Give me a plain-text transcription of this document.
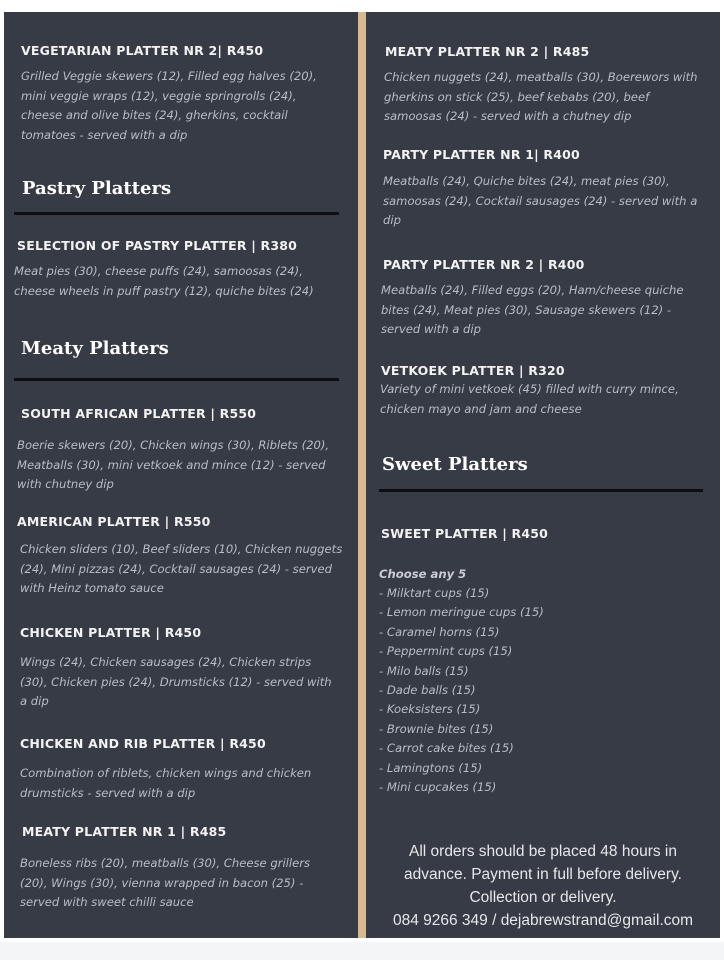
VEGETARIAN PLATTER NR 2| R450
Grilled Veggie skewers (12), Filled egg halves (20), mini veggie wraps (12), veggie springrolls (24), cheese and olive bites (24), gherkins, cocktail tomatoes - served with a dip
Pastry Platters
SELECTION OF PASTRY PLATTER | R380
Meat pies (30), cheese puffs (24), samoosas (24), cheese wheels in puff pastry (12), quiche bites (24)
Meaty Platters
SOUTH AFRICAN PLATTER | R550
Boerie skewers (20), Chicken wings (30), Riblets (20), Meatballs (30), mini vetkoek and mince (12) - served with chutney dip
AMERICAN PLATTER | R550
Chicken sliders (10), Beef sliders (10), Chicken nuggets (24), Mini pizzas (24), Cocktail sausages (24) - served with Heinz tomato sauce
CHICKEN PLATTER | R450
Wings (24), Chicken sausages (24), Chicken strips (30), Chicken pies (24), Drumsticks (12) - served with a dip
CHICKEN AND RIB PLATTER | R450
Combination of riblets, chicken wings and chicken drumsticks - served with a dip
MEATY PLATTER NR 1 | R485
Boneless ribs (20), meatballs (30), Cheese grillers (20), Wings (30), vienna wrapped in bacon (25) - served with sweet chilli sauce
MEATY PLATTER NR 2 | R485
Chicken nuggets (24), meatballs (30), Boerewors with gherkins on stick (25), beef kebabs (20), beef samoosas (24) - served with a chutney dip
PARTY PLATTER NR 1| R400
Meatballs (24), Quiche bites (24), meat pies (30), samoosas (24), Cocktail sausages (24) - served with a dip
PARTY PLATTER NR 2 | R400
Meatballs (24), Filled eggs (20), Ham/cheese quiche bites (24), Meat pies (30), Sausage skewers (12) - served with a dip
VETKOEK PLATTER | R320
Variety of mini vetkoek (45) filled with curry mince, chicken mayo and jam and cheese
Sweet Platters
SWEET PLATTER | R450
Choose any 5
- Milktart cups (15)
- Lemon meringue cups (15)
- Caramel horns (15)
- Peppermint cups (15)
- Milo balls (15)
- Dade balls (15)
- Koeksisters (15)
- Brownie bites (15)
- Carrot cake bites (15)
- Lamingtons (15)
- Mini cupcakes (15)
All orders should be placed 48 hours in
advance. Payment in full before delivery.
Collection or delivery.
084 9266 349 / dejabrewstrand@gmail.com
